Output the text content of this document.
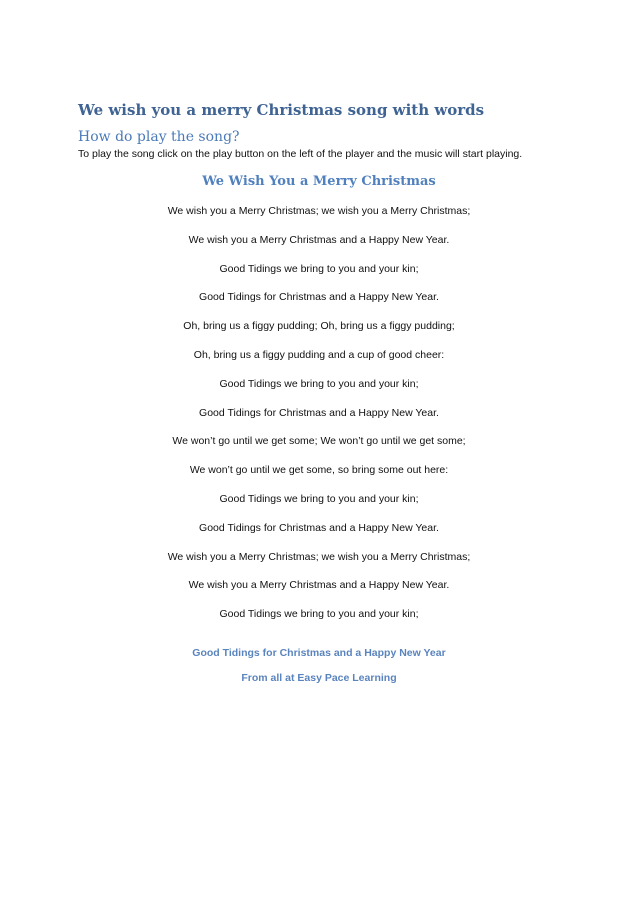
We wish you a merry Christmas song with words
How do play the song?

To play the song click on the play button on the left of the player and the music will start playing.

We Wish You a Merry Christmas
We wish you a Merry Christmas; we wish you a Merry Christmas;
We wish you a Merry Christmas and a Happy New Year.
Good Tidings we bring to you and your kin;
Good Tidings for Christmas and a Happy New Year.
Oh, bring us a figgy pudding; Oh, bring us a figgy pudding;
Oh, bring us a figgy pudding and a cup of good cheer:
Good Tidings we bring to you and your kin;
Good Tidings for Christmas and a Happy New Year.
We won’t go until we get some; We won’t go until we get some;
We won’t go until we get some, so bring some out here:
Good Tidings we bring to you and your kin;
Good Tidings for Christmas and a Happy New Year.
We wish you a Merry Christmas; we wish you a Merry Christmas;
We wish you a Merry Christmas and a Happy New Year.
Good Tidings we bring to you and your kin;

Good Tidings for Christmas and a Happy New Year

From all at Easy Pace Learning
